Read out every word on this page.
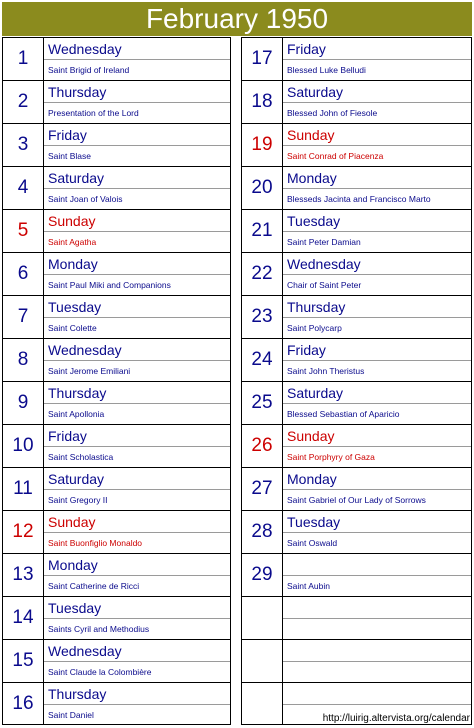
February 1950
1	Wednesday
Saint Brigid of Ireland
2	Thursday
Presentation of the Lord
3	Friday
Saint Blase
4	Saturday
Saint Joan of Valois
5	Sunday
Saint Agatha
6	Monday
Saint Paul Miki and Companions
7	Tuesday
Saint Colette
8	Wednesday
Saint Jerome Emiliani
9	Thursday
Saint Apollonia
10	Friday
Saint Scholastica
11	Saturday
Saint Gregory II
12	Sunday
Saint Buonfiglio Monaldo
13	Monday
Saint Catherine de Ricci
14	Tuesday
Saints Cyril and Methodius
15	Wednesday
Saint Claude la Colombière
16	Thursday
Saint Daniel
17	Friday
Blessed Luke Belludi
18	Saturday
Blessed John of Fiesole
19	Sunday
Saint Conrad of Piacenza
20	Monday
Blesseds Jacinta and Francisco Marto
21	Tuesday
Saint Peter Damian
22	Wednesday
Chair of Saint Peter
23	Thursday
Saint Polycarp
24	Friday
Saint John Theristus
25	Saturday
Blessed Sebastian of Aparicio
26	Sunday
Saint Porphyry of Gaza
27	Monday
Saint Gabriel of Our Lady of Sorrows
28	Tuesday
Saint Oswald
29
Saint Aubin
http://luirig.altervista.org/calendar
